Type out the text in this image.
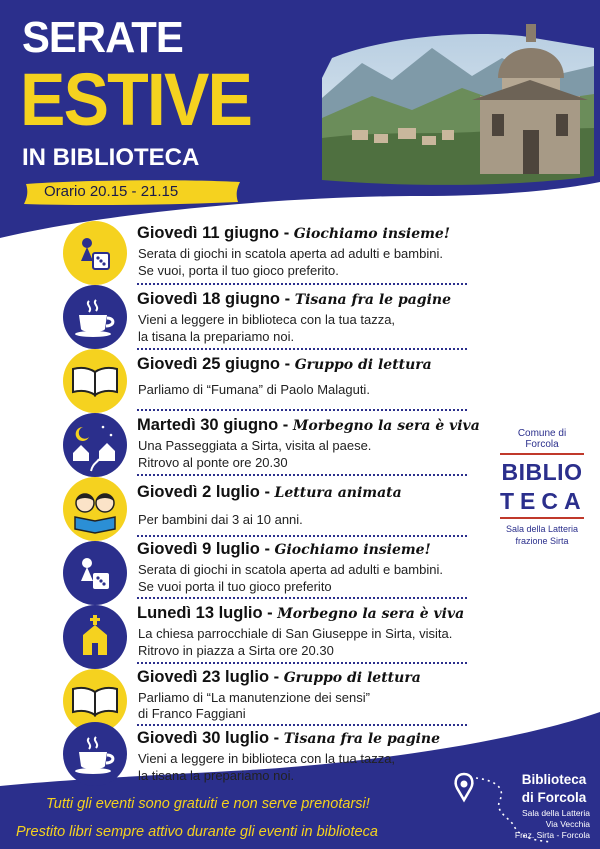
SERATE
ESTIVE
IN BIBLIOTECA
Orario 20.15 - 21.15
Giovedì 11 giugno - Giochiamo insieme!
Serata di giochi in scatola aperta ad adulti e bambini.
Se vuoi, porta il tuo gioco preferito.
Giovedì 18 giugno - Tisana fra le pagine
Vieni a leggere in biblioteca con la tua tazza,
la tisana la prepariamo noi.
Giovedì 25 giugno - Gruppo di lettura
Parliamo di “Fumana” di Paolo Malaguti.
Martedì 30 giugno - Morbegno la sera è viva
Una Passeggiata a Sirta, visita al paese.
Ritrovo al ponte ore 20.30
Giovedì 2 luglio - Lettura animata
Per bambini dai 3 ai 10 anni.
Giovedì 9 luglio - Giochiamo insieme!
Serata di giochi in scatola aperta ad adulti e bambini.
Se vuoi porta il tuo gioco preferito
Lunedì 13 luglio - Morbegno la sera è viva
La chiesa parrocchiale di San Giuseppe in Sirta, visita.
Ritrovo in piazza a Sirta ore 20.30
Giovedì 23 luglio - Gruppo di lettura
Parliamo di “La manutenzione dei sensi”
di Franco Faggiani
Giovedì 30 luglio - Tisana fra le pagine
Vieni a leggere in biblioteca con la tua tazza,
la tisana la prepariamo noi.
Comune di Forcola
BIBLIO
TECA
Sala della Latteria
frazione Sirta
Tutti gli eventi sono gratuiti e non serve prenotarsi!
Prestito libri sempre attivo durante gli eventi in biblioteca
Biblioteca
di Forcola
Sala della Latteria
Via Vecchia
Fraz. Sirta - Forcola
